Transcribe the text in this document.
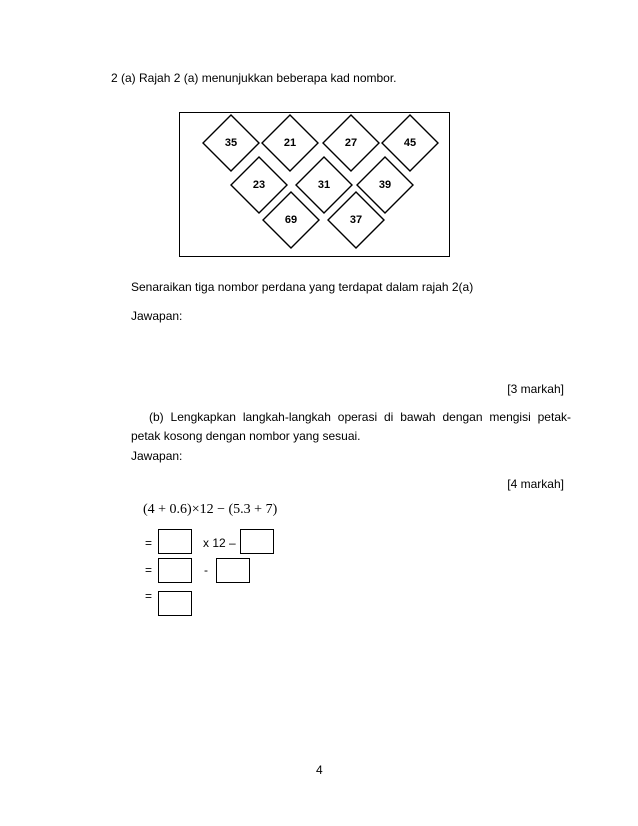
2 (a) Rajah 2 (a) menunjukkan beberapa kad nombor.
35	21	27	45
23	31	39
69	37
Senaraikan tiga nombor perdana yang terdapat dalam rajah 2(a)
Jawapan:
[3 markah]
(b) Lengkapkan langkah-langkah operasi di bawah dengan mengisi petak-petak kosong dengan nombor yang sesuai.
Jawapan:
[4 markah]
(4 + 0.6)×12 − (5.3 + 7)
=	x 12 –
=	-
=
4
